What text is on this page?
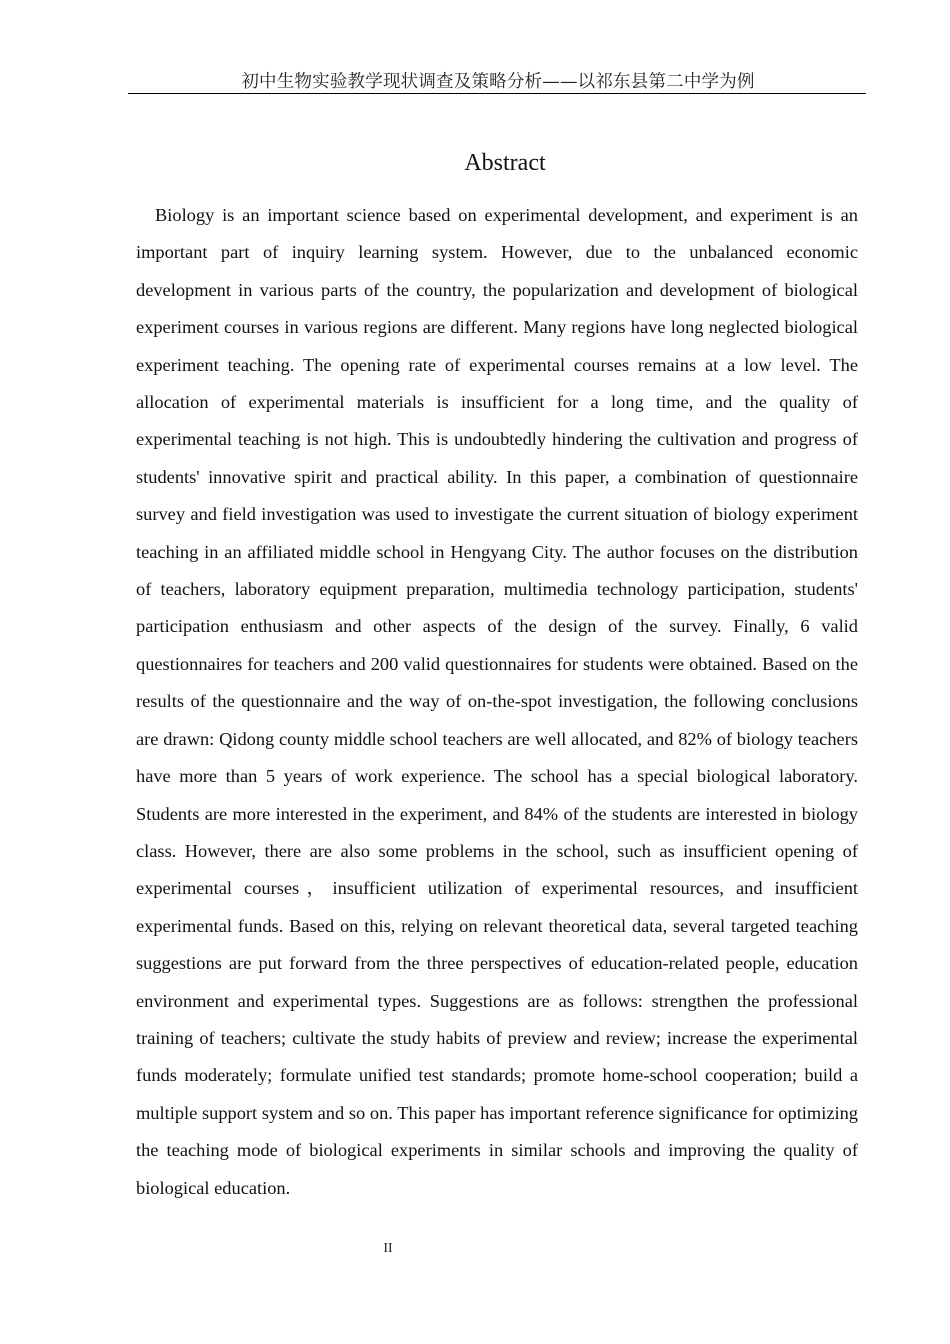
初中生物实验教学现状调查及策略分析——以祁东县第二中学为例
Abstract

Biology is an important science based on experimental development, and experiment is an important part of inquiry learning system. However, due to the unbalanced economic development in various parts of the country, the popularization and development of biological experiment courses in various regions are different. Many regions have long neglected biological experiment teaching. The opening rate of experimental courses remains at a low level. The allocation of experimental materials is insufficient for a long time, and the quality of experimental teaching is not high. This is undoubtedly hindering the cultivation and progress of students' innovative spirit and practical ability. In this paper, a combination of questionnaire survey and field investigation was used to investigate the current situation of biology experiment teaching in an affiliated middle school in Hengyang City. The author focuses on the distribution of teachers, laboratory equipment preparation, multimedia technology participation, students' participation enthusiasm and other aspects of the design of the survey. Finally, 6 valid questionnaires for teachers and 200 valid questionnaires for students were obtained. Based on the results of the questionnaire and the way of on-the-spot investigation, the following conclusions are drawn: Qidong county middle school teachers are well allocated, and 82% of biology teachers have more than 5 years of work experience. The school has a special biological laboratory. Students are more interested in the experiment, and 84% of the students are interested in biology class. However, there are also some problems in the school, such as insufficient opening of experimental courses，insufficient utilization of experimental resources, and insufficient experimental funds. Based on this, relying on relevant theoretical data, several targeted teaching suggestions are put forward from the three perspectives of education-related people, education environment and experimental types. Suggestions are as follows: strengthen the professional training of teachers; cultivate the study habits of preview and review; increase the experimental funds moderately; formulate unified test standards; promote home-school cooperation; build a multiple support system and so on. This paper has important reference significance for optimizing the teaching mode of biological experiments in similar schools and improving the quality of biological education.

II
